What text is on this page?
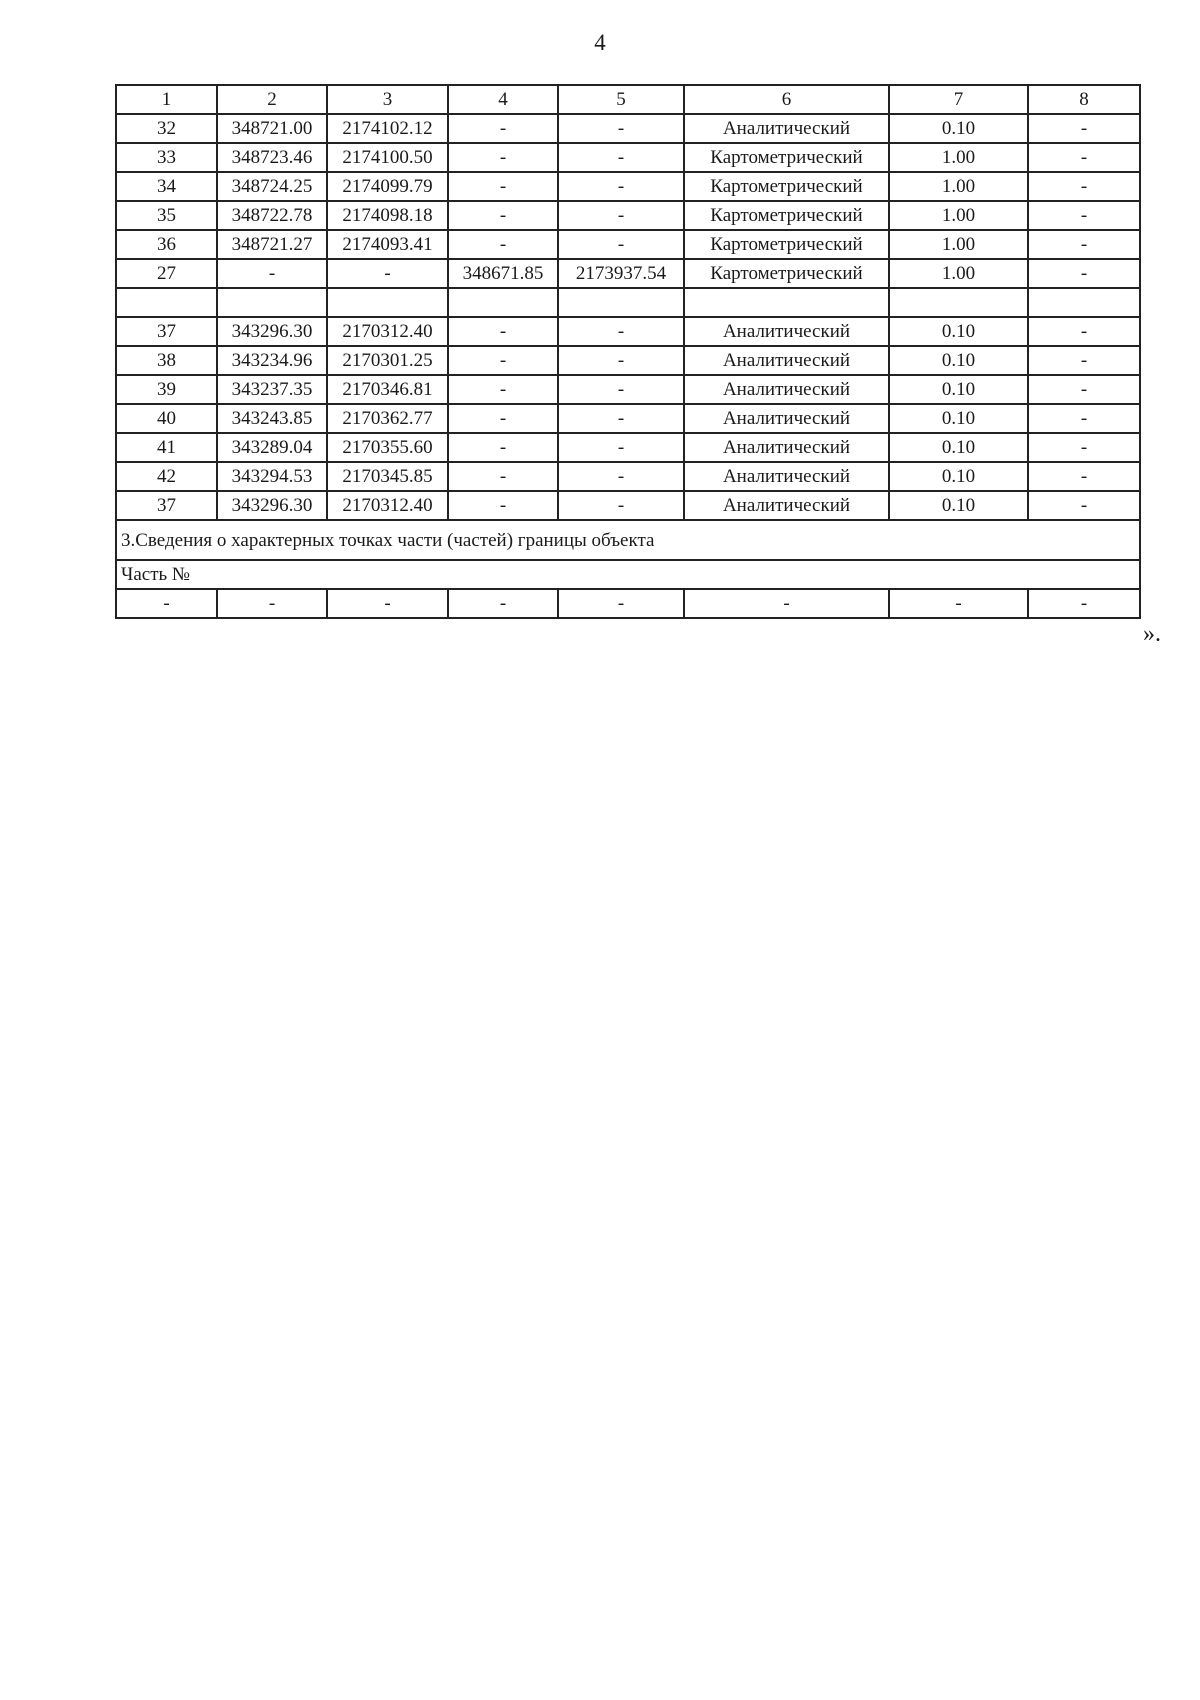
4
1	2	3	4	5	6	7	8
32	348721.00	2174102.12	-	-	Аналитический	0.10	-
33	348723.46	2174100.50	-	-	Картометрический	1.00	-
34	348724.25	2174099.79	-	-	Картометрический	1.00	-
35	348722.78	2174098.18	-	-	Картометрический	1.00	-
36	348721.27	2174093.41	-	-	Картометрический	1.00	-
27	-	-	348671.85	2173937.54	Картометрический	1.00	-

37	343296.30	2170312.40	-	-	Аналитический	0.10	-
38	343234.96	2170301.25	-	-	Аналитический	0.10	-
39	343237.35	2170346.81	-	-	Аналитический	0.10	-
40	343243.85	2170362.77	-	-	Аналитический	0.10	-
41	343289.04	2170355.60	-	-	Аналитический	0.10	-
42	343294.53	2170345.85	-	-	Аналитический	0.10	-
37	343296.30	2170312.40	-	-	Аналитический	0.10	-
3.Сведения о характерных точках части (частей) границы объекта							
Часть №							
-	-	-	-	-	-	-	-
».
